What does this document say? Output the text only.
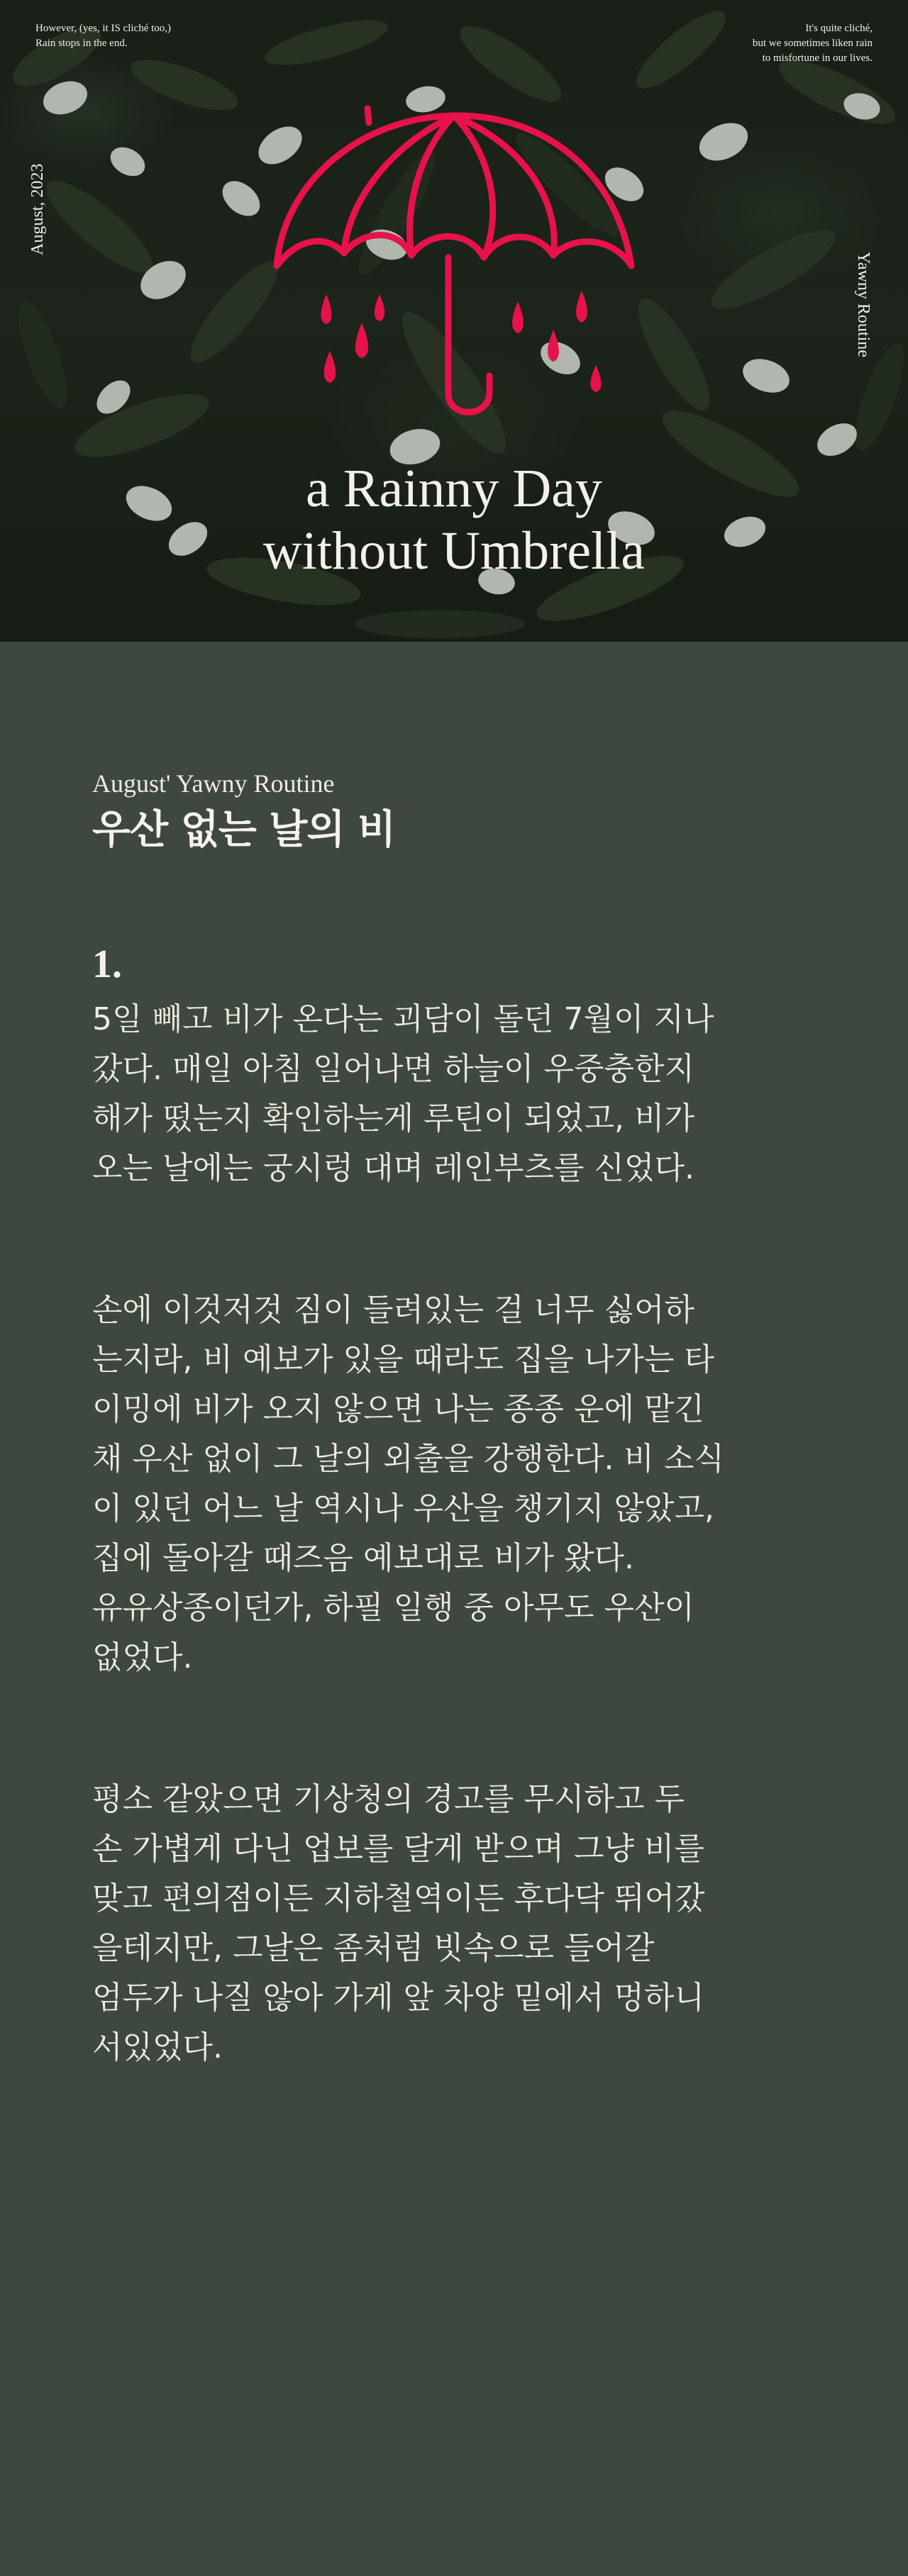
However, (yes, it IS cliché too,)
Rain stops in the end.
It's quite cliché,
but we sometimes liken rain
to misfortune in our lives.
August, 2023
Yawny Routine
a Rainny Day
without Umbrella
August' Yawny Routine
우산 없는 날의 비
1.
5일 빼고 비가 온다는 괴담이 돌던 7월이 지나
갔다. 매일 아침 일어나면 하늘이 우중충한지
해가 떴는지 확인하는게 루틴이 되었고, 비가
오는 날에는 궁시렁 대며 레인부츠를 신었다.
손에 이것저것 짐이 들려있는 걸 너무 싫어하
는지라, 비 예보가 있을 때라도 집을 나가는 타
이밍에 비가 오지 않으면 나는 종종 운에 맡긴
채 우산 없이 그 날의 외출을 강행한다. 비 소식
이 있던 어느 날 역시나 우산을 챙기지 않았고,
집에 돌아갈 때즈음 예보대로 비가 왔다.
유유상종이던가, 하필 일행 중 아무도 우산이
없었다.
평소 같았으면 기상청의 경고를 무시하고 두
손 가볍게 다닌 업보를 달게 받으며 그냥 비를
맞고 편의점이든 지하철역이든 후다닥 뛰어갔
을테지만, 그날은 좀처럼 빗속으로 들어갈
엄두가 나질 않아 가게 앞 차양 밑에서 멍하니
서있었다.
